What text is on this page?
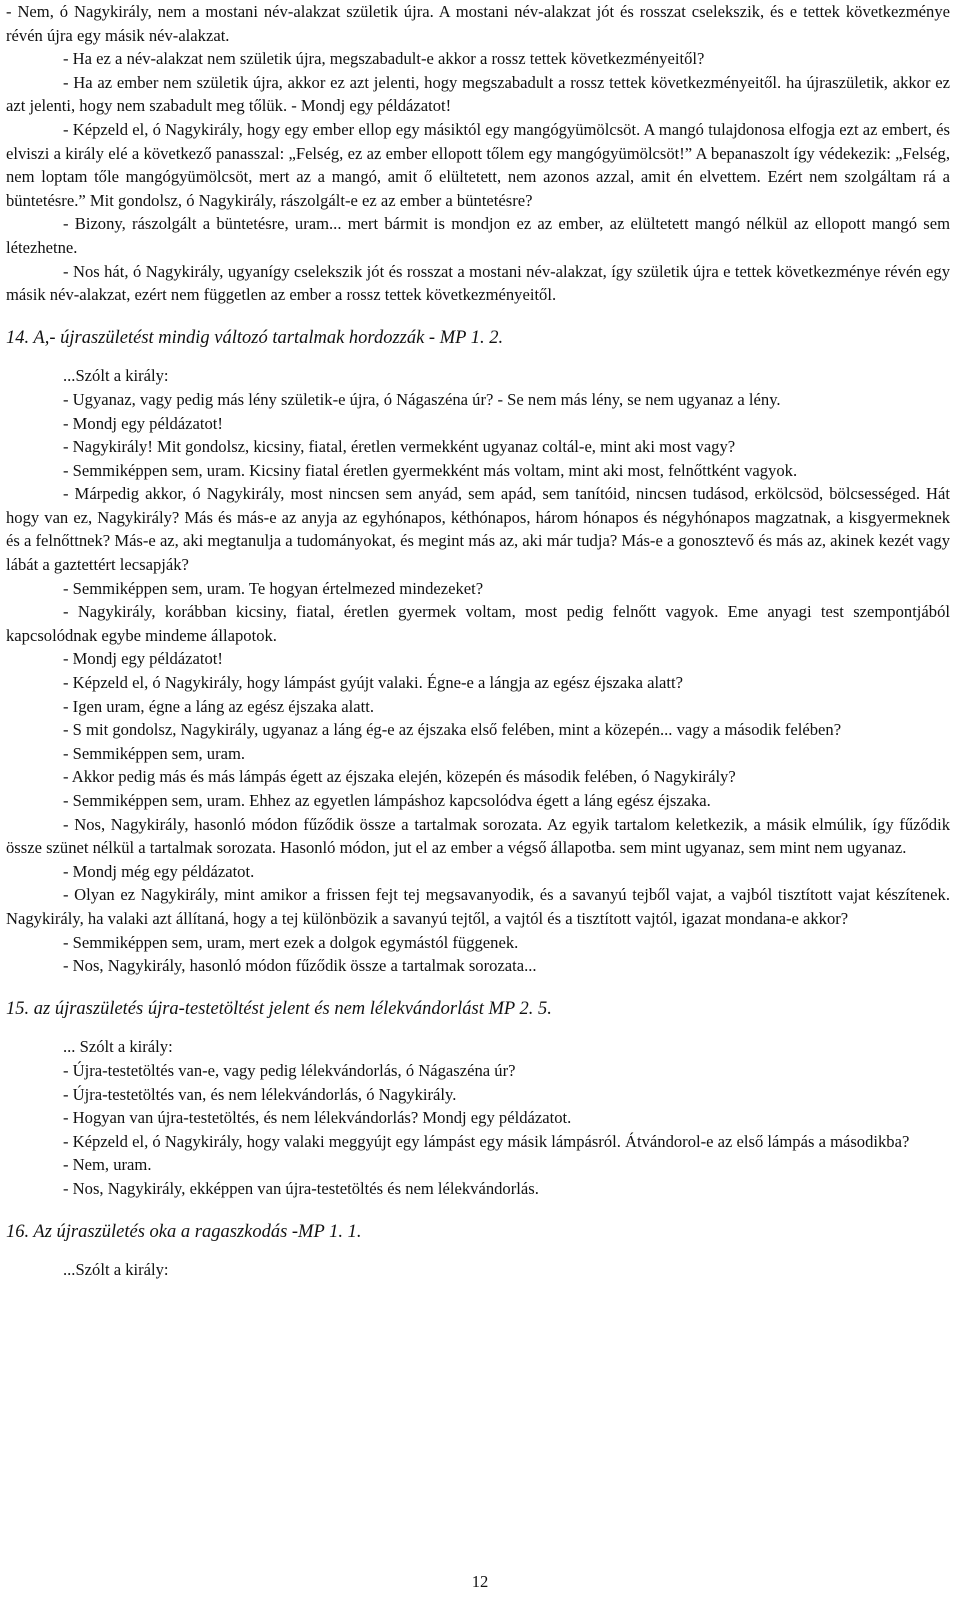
- Nem, ó Nagykirály, nem a mostani név-alakzat születik újra. A mostani név-alakzat jót és rosszat cselekszik, és e tettek következménye révén újra egy másik név-alakzat.

- Ha ez a név-alakzat nem születik újra, megszabadult-e akkor a rossz tettek következményeitől?

- Ha az ember nem születik újra, akkor ez azt jelenti, hogy megszabadult a rossz tettek következményeitől. ha újraszületik, akkor ez azt jelenti, hogy nem szabadult meg tőlük. - Mondj egy példázatot!

- Képzeld el, ó Nagykirály, hogy egy ember ellop egy másiktól egy mangógyümölcsöt. A mangó tulajdonosa elfogja ezt az embert, és elviszi a király elé a következő panasszal: „Felség, ez az ember ellopott tőlem egy mangógyümölcsöt!” A bepanaszolt így védekezik: „Felség, nem loptam tőle mangógyümölcsöt, mert az a mangó, amit ő elültetett, nem azonos azzal, amit én elvettem. Ezért nem szolgáltam rá a büntetésre.” Mit gondolsz, ó Nagykirály, rászolgált-e ez az ember a büntetésre?

- Bizony, rászolgált a büntetésre, uram... mert bármit is mondjon ez az ember, az elültetett mangó nélkül az ellopott mangó sem létezhetne.

- Nos hát, ó Nagykirály, ugyanígy cselekszik jót és rosszat a mostani név-alakzat, így születik újra e tettek következménye révén egy másik név-alakzat, ezért nem független az ember a rossz tettek következményeitől.

14. A,- újraszületést mindig változó tartalmak hordozzák - MP 1. 2.

...Szólt a király:

- Ugyanaz, vagy pedig más lény születik-e újra, ó Nágaszéna úr? - Se nem más lény, se nem ugyanaz a lény.

- Mondj egy példázatot!

- Nagykirály! Mit gondolsz, kicsiny, fiatal, éretlen vermekként ugyanaz coltál-e, mint aki most vagy?

- Semmiképpen sem, uram. Kicsiny fiatal éretlen gyermekként más voltam, mint aki most, felnőttként vagyok.

- Márpedig akkor, ó Nagykirály, most nincsen sem anyád, sem apád, sem tanítóid, nincsen tudásod, erkölcsöd, bölcsességed. Hát hogy van ez, Nagykirály? Más és más-e az anyja az egyhónapos, kéthónapos, három hónapos és négyhónapos magzatnak, a kisgyermeknek és a felnőttnek? Más-e az, aki megtanulja a tudományokat, és megint más az, aki már tudja? Más-e a gonosztevő és más az, akinek kezét vagy lábát a gaztettért lecsapják?

- Semmiképpen sem, uram. Te hogyan értelmezed mindezeket?

- Nagykirály, korábban kicsiny, fiatal, éretlen gyermek voltam, most pedig felnőtt vagyok. Eme anyagi test szempontjából kapcsolódnak egybe mindeme állapotok.

- Mondj egy példázatot!

- Képzeld el, ó Nagykirály, hogy lámpást gyújt valaki. Égne-e a lángja az egész éjszaka alatt?

- Igen uram, égne a láng az egész éjszaka alatt.

- S mit gondolsz, Nagykirály, ugyanaz a láng ég-e az éjszaka első felében, mint a közepén... vagy a második felében?

- Semmiképpen sem, uram.

- Akkor pedig más és más lámpás égett az éjszaka elején, közepén és második felében, ó Nagykirály?

- Semmiképpen sem, uram. Ehhez az egyetlen lámpáshoz kapcsolódva égett a láng egész éjszaka.

- Nos, Nagykirály, hasonló módon fűződik össze a tartalmak sorozata. Az egyik tartalom keletkezik, a másik elmúlik, így fűződik össze szünet nélkül a tartalmak sorozata. Hasonló módon, jut el az ember a végső állapotba. sem mint ugyanaz, sem mint nem ugyanaz.

- Mondj még egy példázatot.

- Olyan ez Nagykirály, mint amikor a frissen fejt tej megsavanyodik, és a savanyú tejből vajat, a vajból tisztított vajat készítenek. Nagykirály, ha valaki azt állítaná, hogy a tej különbözik a savanyú tejtől, a vajtól és a tisztított vajtól, igazat mondana-e akkor?

- Semmiképpen sem, uram, mert ezek a dolgok egymástól függenek.

- Nos, Nagykirály, hasonló módon fűződik össze a tartalmak sorozata...

15. az újraszületés újra-testetöltést jelent és nem lélekvándorlást MP 2. 5.

... Szólt a király:

- Újra-testetöltés van-e, vagy pedig lélekvándorlás, ó Nágaszéna úr?

- Újra-testetöltés van, és nem lélekvándorlás, ó Nagykirály.

- Hogyan van újra-testetöltés, és nem lélekvándorlás? Mondj egy példázatot.

- Képzeld el, ó Nagykirály, hogy valaki meggyújt egy lámpást egy másik lámpásról. Átvándorol-e az első lámpás a másodikba?

- Nem, uram.

- Nos, Nagykirály, ekképpen van újra-testetöltés és nem lélekvándorlás.

16. Az újraszületés oka a ragaszkodás -MP 1. 1.

...Szólt a király:

12
